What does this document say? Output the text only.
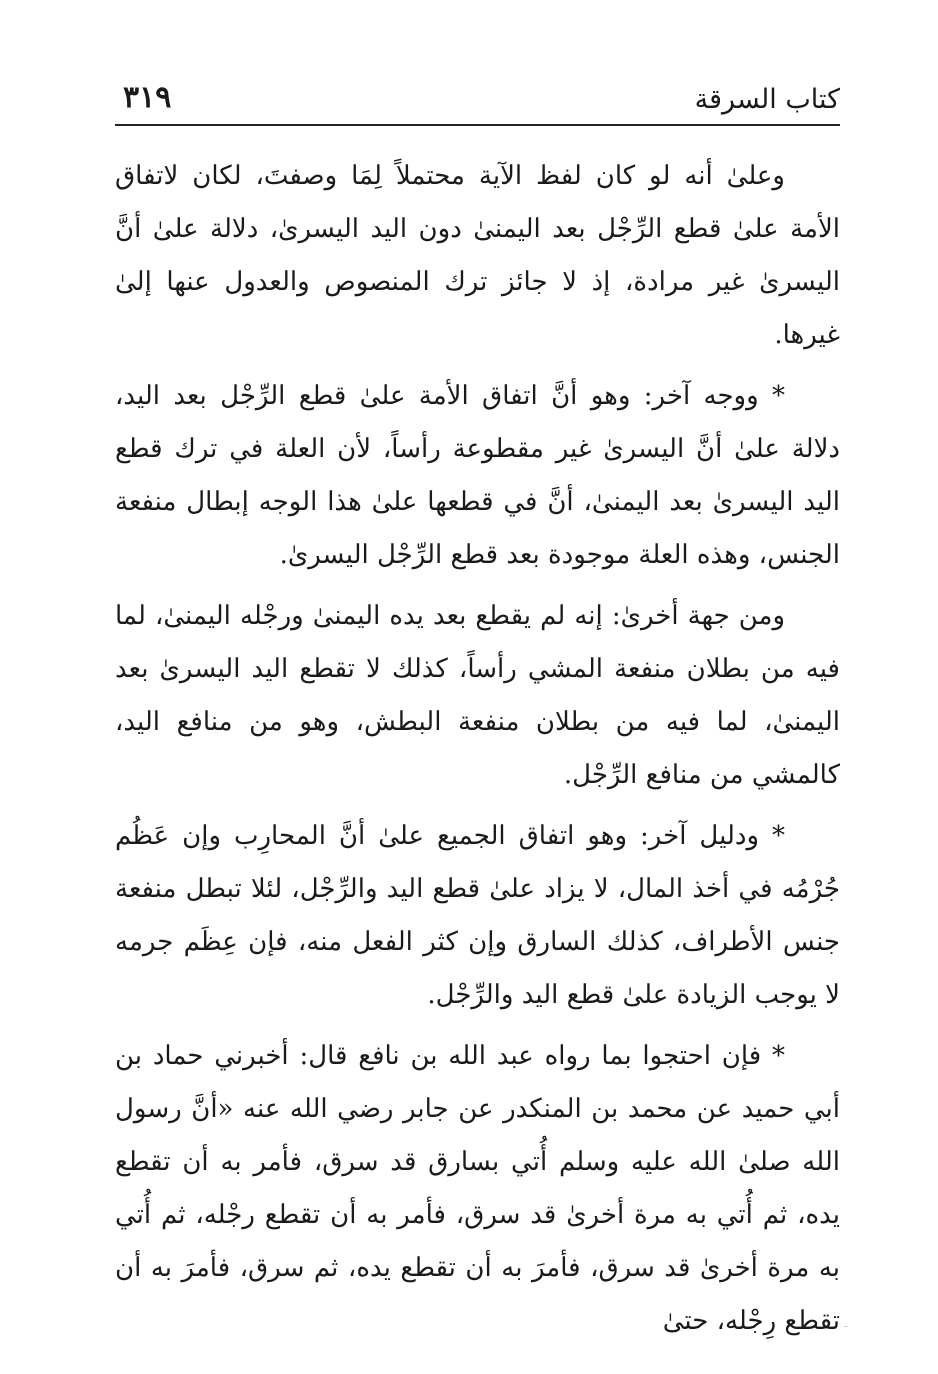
كتاب السرقة
٣١٩

وعلىٰ أنه لو كان لفظ الآية محتملاً لِمَا وصفتَ، لكان لاتفاق الأمة علىٰ قطع الرِّجْل بعد اليمنىٰ دون اليد اليسرىٰ، دلالة علىٰ أنَّ اليسرىٰ غير مرادة، إذ لا جائز ترك المنصوص والعدول عنها إلىٰ غيرها.

* ووجه آخر: وهو أنَّ اتفاق الأمة علىٰ قطع الرِّجْل بعد اليد، دلالة علىٰ أنَّ اليسرىٰ غير مقطوعة رأساً، لأن العلة في ترك قطع اليد اليسرىٰ بعد اليمنىٰ، أنَّ في قطعها علىٰ هذا الوجه إبطال منفعة الجنس، وهذه العلة موجودة بعد قطع الرِّجْل اليسرىٰ.

ومن جهة أخرىٰ: إنه لم يقطع بعد يده اليمنىٰ ورجْله اليمنىٰ، لما فيه من بطلان منفعة المشي رأساً، كذلك لا تقطع اليد اليسرىٰ بعد اليمنىٰ، لما فيه من بطلان منفعة البطش، وهو من منافع اليد، كالمشي من منافع الرِّجْل.

* ودليل آخر: وهو اتفاق الجميع علىٰ أنَّ المحارِب وإن عَظُم جُرْمُه في أخذ المال، لا يزاد علىٰ قطع اليد والرِّجْل، لئلا تبطل منفعة جنس الأطراف، كذلك السارق وإن كثر الفعل منه، فإن عِظَم جرمه لا يوجب الزيادة علىٰ قطع اليد والرِّجْل.

* فإن احتجوا بما رواه عبد الله بن نافع قال: أخبرني حماد بن أبي حميد عن محمد بن المنكدر عن جابر رضي الله عنه «أنَّ رسول الله صلىٰ الله عليه وسلم أُتي بسارق قد سرق، فأمر به أن تقطع يده، ثم أُتي به مرة أخرىٰ قد سرق، فأمر به أن تقطع رجْله، ثم أُتي به مرة أخرىٰ قد سرق، فأمرَ به أن تقطع يده، ثم سرق، فأمرَ به أن تقطع رِجْله، حتىٰ
